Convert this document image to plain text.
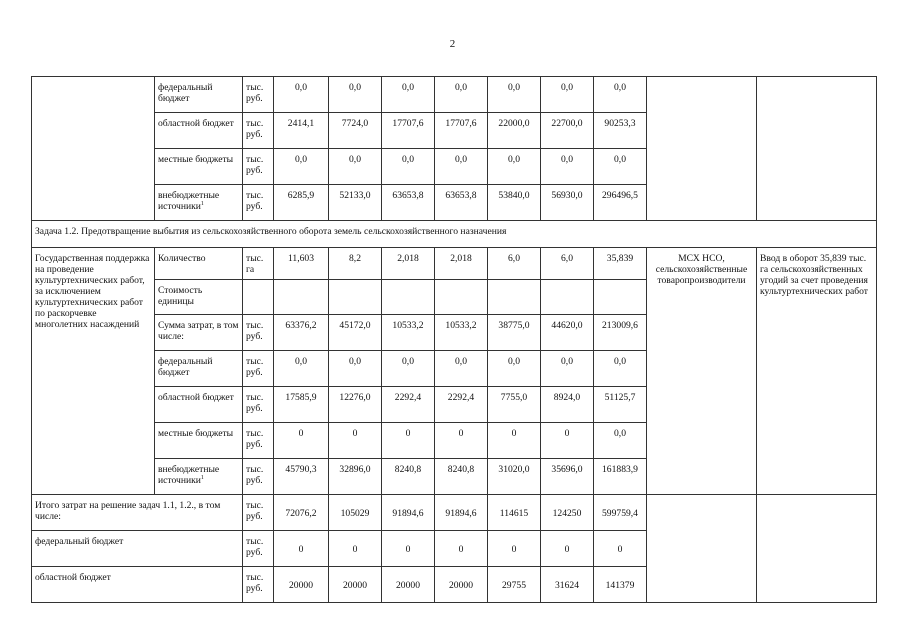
2
	федеральный бюджет	тыс. руб.	0,0	0,0	0,0	0,0	0,0	0,0	0,0		
	областной бюджет	тыс. руб.	2414,1	7724,0	17707,6	17707,6	22000,0	22700,0	90253,3		
	местные бюджеты	тыс. руб.	0,0	0,0	0,0	0,0	0,0	0,0	0,0		
	внебюджетные источники$^1$	тыс. руб.	6285,9	52133,0	63653,8	63653,8	53840,0	56930,0	296496,5		
Задача 1.2. Предотвращение выбытия из сельскохозяйственного оборота земель сельскохозяйственного назначения											
Государственная поддержка на проведение культуртехнических работ, за исключением культуртехнических работ по раскорчевке многолетних насаждений	Количество	тыс. га	11,603	8,2	2,018	2,018	6,0	6,0	35,839	МСХ НСО, сельскохозяйственные товаропроизводители	Ввод в оборот 35,839 тыс. га сельскохозяйственных угодий за счет проведения культуртехнических работ
	Стоимость единицы										
	Сумма затрат, в том числе:	тыс. руб.	63376,2	45172,0	10533,2	10533,2	38775,0	44620,0	213009,6		
	федеральный бюджет	тыс. руб.	0,0	0,0	0,0	0,0	0,0	0,0	0,0		
	областной бюджет	тыс. руб.	17585,9	12276,0	2292,4	2292,4	7755,0	8924,0	51125,7		
	местные бюджеты	тыс. руб.	0	0	0	0	0	0	0,0		
	внебюджетные источники$^1$	тыс. руб.	45790,3	32896,0	8240,8	8240,8	31020,0	35696,0	161883,9		
Итого затрат на решение задач 1.1, 1.2., в том числе:		тыс. руб.	72076,2	105029	91894,6	91894,6	114615	124250	599759,4		
федеральный бюджет		тыс. руб.	0	0	0	0	0	0	0		
областной бюджет		тыс. руб.	20000	20000	20000	20000	29755	31624	141379		
